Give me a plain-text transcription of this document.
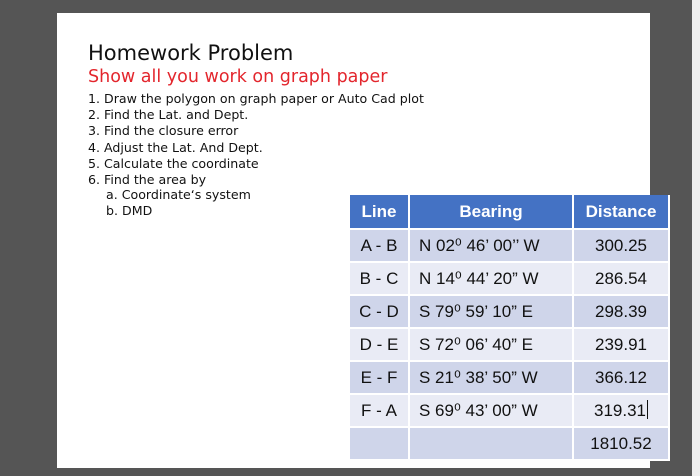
Homework Problem
Show all you work on graph paper
1. Draw the polygon on graph paper or Auto Cad plot
2. Find the Lat. and Dept.
3. Find the closure error
4. Adjust the Lat. And Dept.
5. Calculate the coordinate
6. Find the area by
a. Coordinate‘s system
b. DMD	Line	Bearing	Distance
A - B	N 02⁰ 46’ 00’’ W	300.25
B - C	N 14⁰ 44’ 20” W	286.54
C - D	S 79⁰ 59’ 10” E	298.39
D - E	S 72⁰ 06’ 40” E	239.91
E - F	S 21⁰ 38’ 50” W	366.12
F - A	S 69⁰ 43’ 00” W	319.31
		1810.52
